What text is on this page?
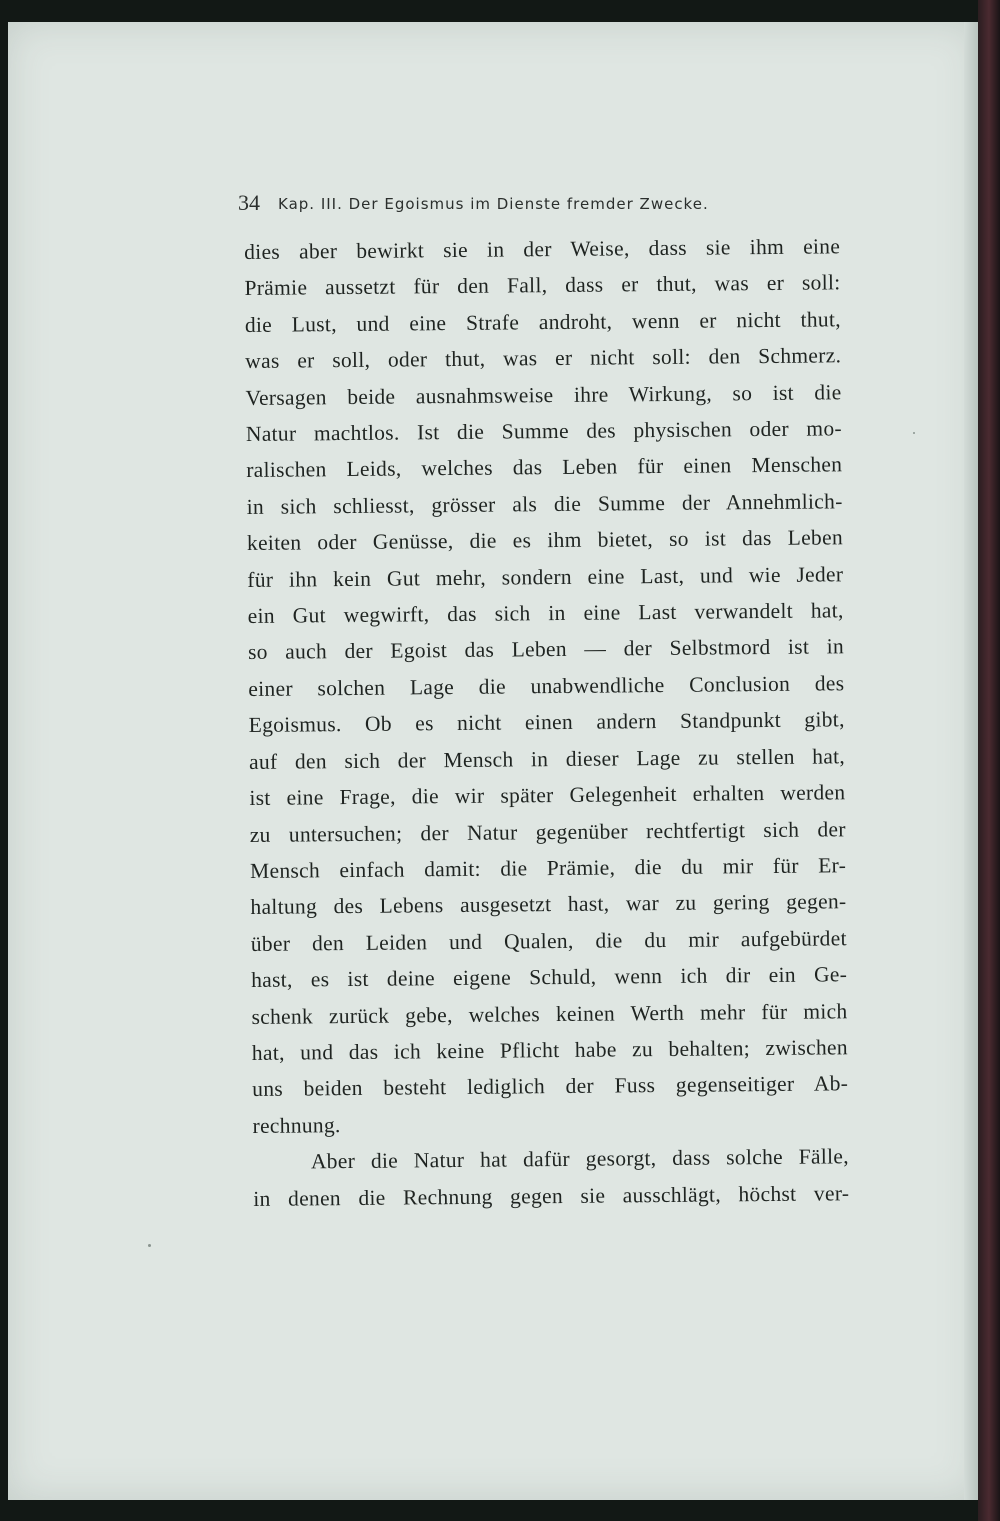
34 Kap. III. Der Egoismus im Dienste fremder Zwecke.
dies aber bewirkt sie in der Weise, dass sie ihm eine
Prämie aussetzt für den Fall, dass er thut, was er soll:
die Lust, und eine Strafe androht, wenn er nicht thut,
was er soll, oder thut, was er nicht soll: den Schmerz.
Versagen beide ausnahmsweise ihre Wirkung, so ist die
Natur machtlos. Ist die Summe des physischen oder mo-
ralischen Leids, welches das Leben für einen Menschen
in sich schliesst, grösser als die Summe der Annehmlich-
keiten oder Genüsse, die es ihm bietet, so ist das Leben
für ihn kein Gut mehr, sondern eine Last, und wie Jeder
ein Gut wegwirft, das sich in eine Last verwandelt hat,
so auch der Egoist das Leben — der Selbstmord ist in
einer solchen Lage die unabwendliche Conclusion des
Egoismus. Ob es nicht einen andern Standpunkt gibt,
auf den sich der Mensch in dieser Lage zu stellen hat,
ist eine Frage, die wir später Gelegenheit erhalten werden
zu untersuchen; der Natur gegenüber rechtfertigt sich der
Mensch einfach damit: die Prämie, die du mir für Er-
haltung des Lebens ausgesetzt hast, war zu gering gegen-
über den Leiden und Qualen, die du mir aufgebürdet
hast, es ist deine eigene Schuld, wenn ich dir ein Ge-
schenk zurück gebe, welches keinen Werth mehr für mich
hat, und das ich keine Pflicht habe zu behalten; zwischen
uns beiden besteht lediglich der Fuss gegenseitiger Ab-
rechnung.
Aber die Natur hat dafür gesorgt, dass solche Fälle,
in denen die Rechnung gegen sie ausschlägt, höchst ver-
